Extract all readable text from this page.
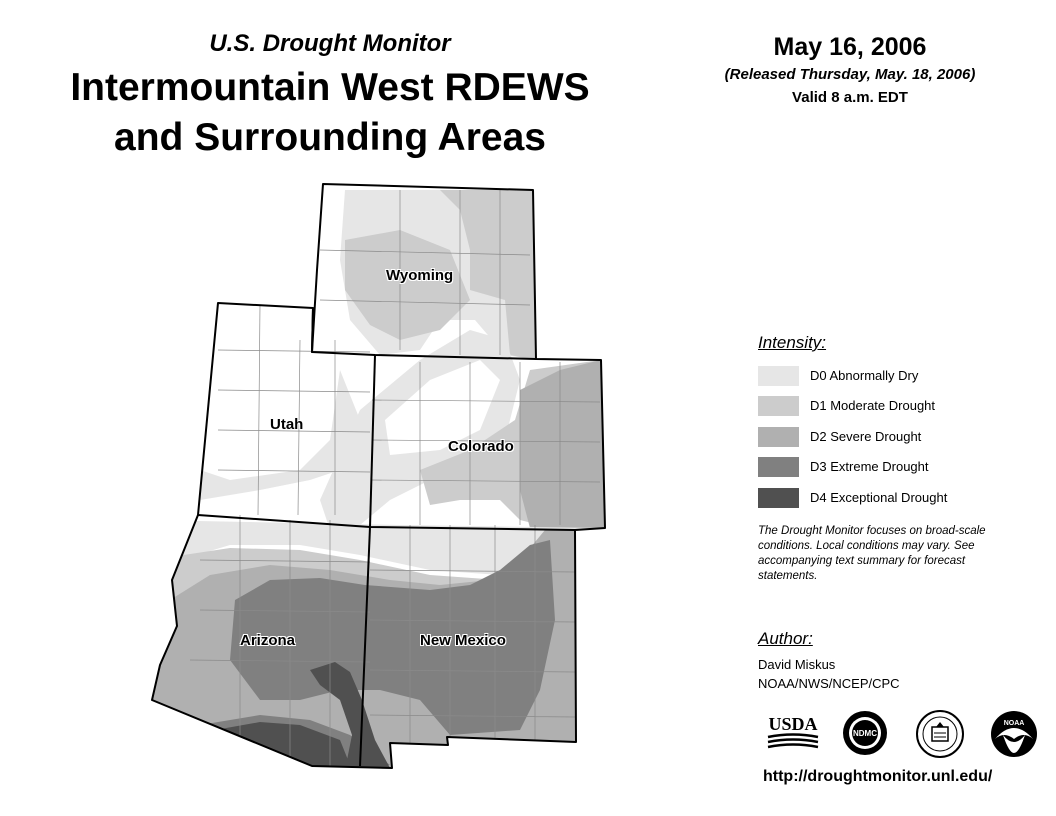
U.S. Drought Monitor
Intermountain West RDEWS
and Surrounding Areas
May 16, 2006
(Released Thursday, May. 18, 2006)
Valid 8 a.m. EDT
Wyoming
Utah
Colorado
Arizona	New Mexico
Intensity:
D0 Abnormally Dry
D1 Moderate Drought
D2 Severe Drought
D3 Extreme Drought
D4 Exceptional Drought
The Drought Monitor focuses on broad-scale conditions. Local conditions may vary. See accompanying text summary for forecast statements.
Author:
David Miskus
NOAA/NWS/NCEP/CPC
USDA	NDMC
NOAA
http://droughtmonitor.unl.edu/
